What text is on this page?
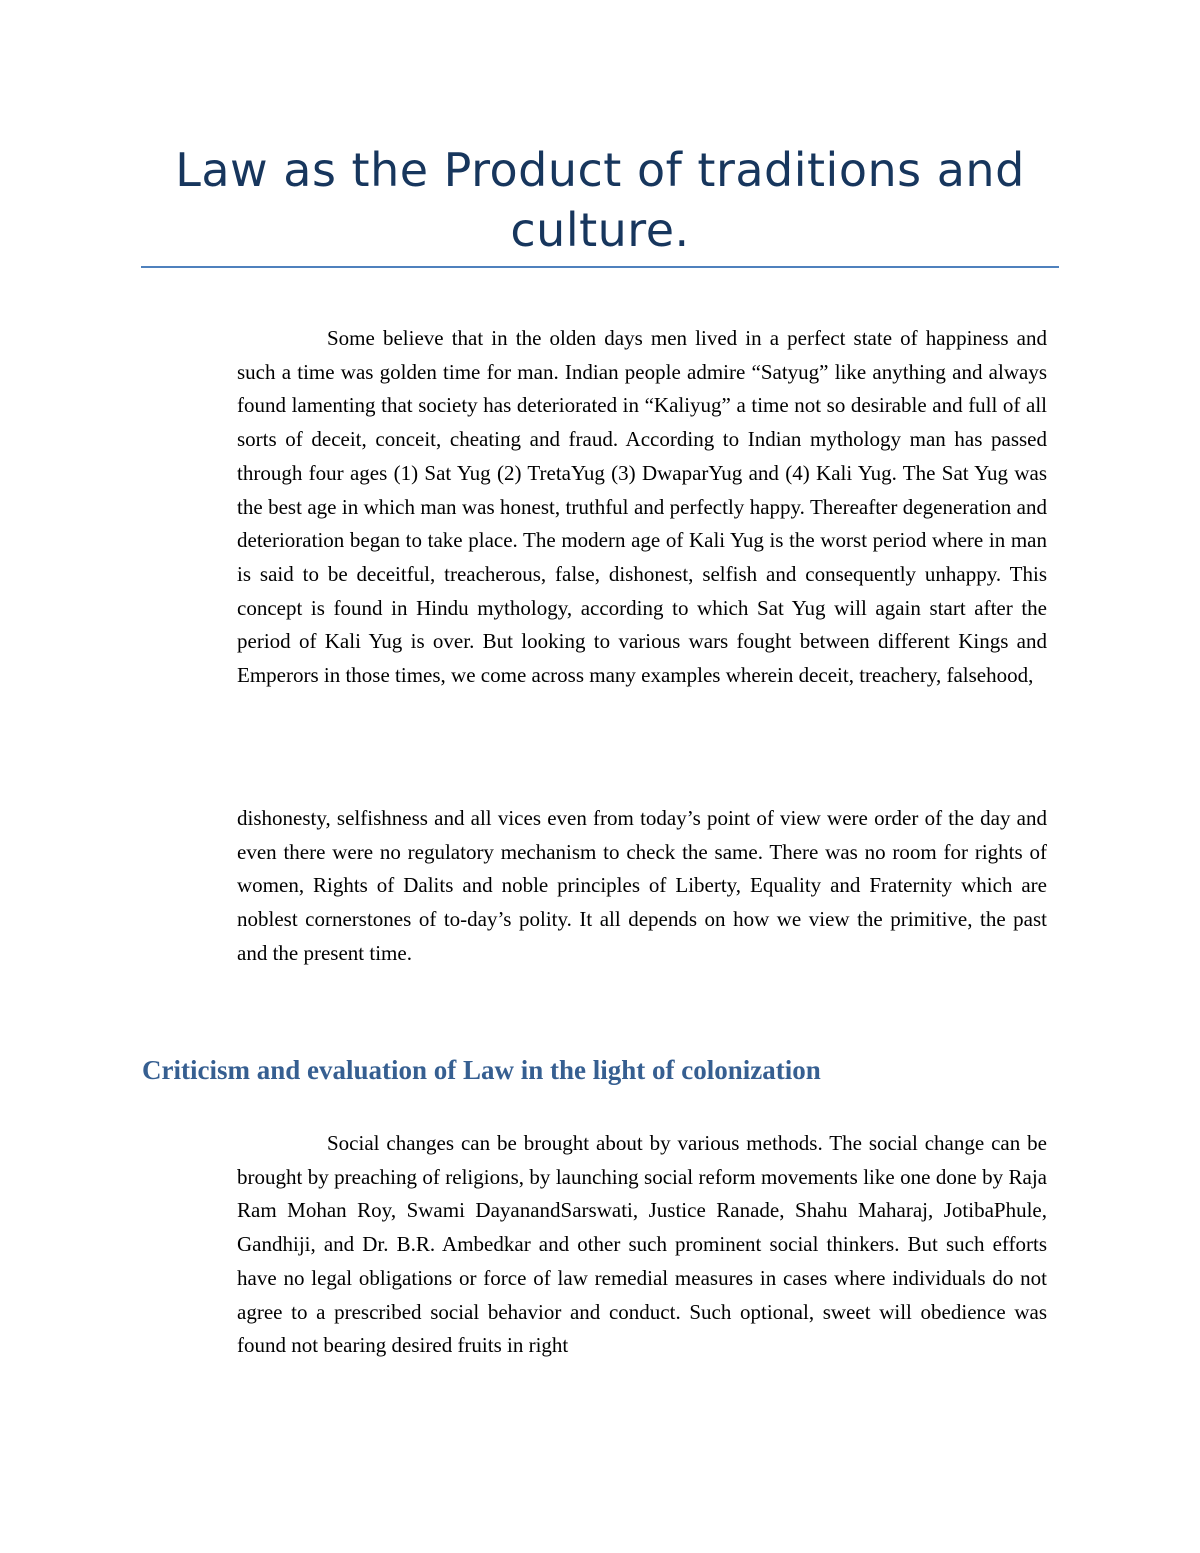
Law as the Product of traditions and culture.

Some believe that in the olden days men lived in a perfect state of happiness and such a time was golden time for man. Indian people admire “Satyug” like anything and always found lamenting that society has deteriorated in “Kaliyug” a time not so desirable and full of all sorts of deceit, conceit, cheating and fraud. According to Indian mythology man has passed through four ages (1) Sat Yug (2) TretaYug (3) DwaparYug and (4) Kali Yug. The Sat Yug was the best age in which man was honest, truthful and perfectly happy. Thereafter degeneration and deterioration began to take place. The modern age of Kali Yug is the worst period where in man is said to be deceitful, treacherous, false, dishonest, selfish and consequently unhappy. This concept is found in Hindu mythology, according to which Sat Yug will again start after the period of Kali Yug is over. But looking to various wars fought between different Kings and Emperors in those times, we come across many examples wherein deceit, treachery, falsehood,

dishonesty, selfishness and all vices even from today’s point of view were order of the day and even there were no regulatory mechanism to check the same. There was no room for rights of women, Rights of Dalits and noble principles of Liberty, Equality and Fraternity which are noblest cornerstones of to-day’s polity. It all depends on how we view the primitive, the past and the present time.

Criticism and evaluation of Law in the light of colonization

Social changes can be brought about by various methods. The social change can be brought by preaching of religions, by launching social reform movements like one done by Raja Ram Mohan Roy, Swami DayanandSarswati, Justice Ranade, Shahu Maharaj, JotibaPhule, Gandhiji, and Dr. B.R. Ambedkar and other such prominent social thinkers. But such efforts have no legal obligations or force of law remedial measures in cases where individuals do not agree to a prescribed social behavior and conduct. Such optional, sweet will obedience was found not bearing desired fruits in right
